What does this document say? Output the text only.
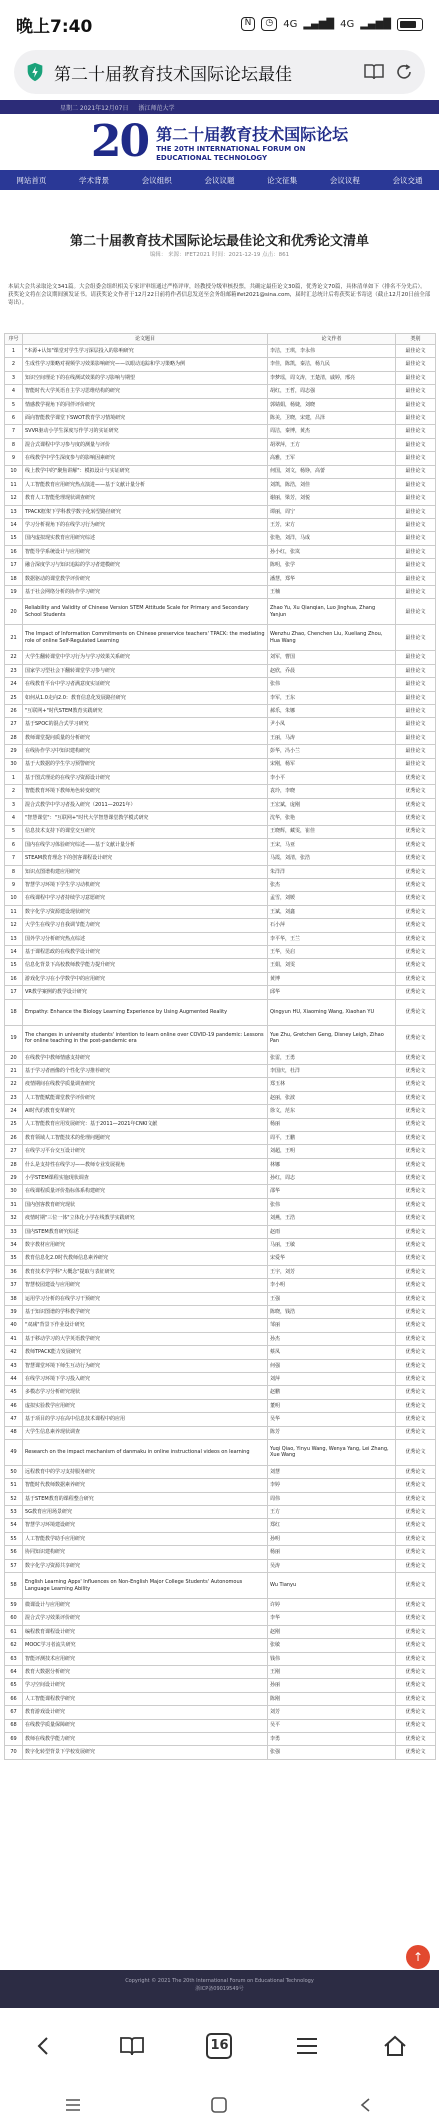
晚上7:40	N	◷	4G ▂▄▆█ 4G ▂▄▆█
第二十届教育技术国际论坛最佳
星期二 2021年12月07日 浙江师范大学
20 第二十届教育技术国际论坛
THE 20TH INTERNATIONAL FORUM ON
EDUCATIONAL TECHNOLOGY
网站首页	学术背景	会议组织	会议议题	论文征集	会议议程	会议交通
第二十届教育技术国际论坛最佳论文和优秀论文清单
编辑： 来源：IFET2021 时间：2021-12-19 点击：861
本届大会共录取论文341篇。大会组委会组织相关专家评审组通过严格评审，经教授分级审核投票，共确定最佳论文30篇，优秀论文70篇，具体清单如下（排名不分先后）。获奖论文将在会议期间颁发证书。请获奖论文作者于12月22日前将作者信息发送至会务组邮箱ifet2021@sina.com，届时汇总统计后将获奖证书寄送（截止12月20日前全部寄出）。
序号	论文题目	论文作者	类别
1	"本源+认知"课堂对学生学习深层投入的影响研究	李洁，王琪，李永伟	最佳论文
2	生成性学习策略对视频学习效果影响研究——以眼动追踪和学习策略为例	李佳，陈凯，秦洁，杨九民	最佳论文
3	知识空间理论下的在线测试效果的学习影响与期望	李梦瑶，周文涛，王楚清，戚婷，邢亮	最佳论文
4	智能时代大学英语自主学习思维结构的研究	胡红，王哲，周志强	最佳论文
5	情感教学视角下的同伴评价研究	郭婧娟，杨婕，刘晓	最佳论文
6	面向智能教学课堂下SWOT教育学习情境研究	陈美，卫晓，宋建，吕泽	最佳论文
7	SVVR驱动小学生深度写作学习的实证研究	周洁，秦博，黄杰	最佳论文
8	混合式课程中学习参与度的测量与评价	胡翠萍，王方	最佳论文
9	在线教学中学生深度参与的影响因素研究	高雅，王军	最佳论文
10	线上教学中的"聚焦讲解"：模拟设计与实证研究	何国，刘文，杨铮，高蕾	最佳论文
11	人工智能教育应用研究热点演进——基于文献计量分析	刘凯，陈浩，刘佳	最佳论文
12	教育人工智能伦理现状调查研究	谢丽，梁芳，刘悦	最佳论文
13	TPACK框架下学科教学数字化转型路径研究	谭丽，周宁	最佳论文
14	学习分析视角下的在线学习行为研究	王芳，宋方	最佳论文
15	国内虚拟现实教育应用研究综述	张艳，刘洋，马成	最佳论文
16	智能导学系统设计与应用研究	孙小红，张岚	最佳论文
17	融合深度学习与知识追踪的学习者建模研究	陈明，张学	最佳论文
18	数据驱动的课堂教学评价研究	潘慧，郑华	最佳论文
19	基于社会网络分析的协作学习研究	王楠	最佳论文
20	Reliability and Validity of Chinese Version STEM Attitude Scale for Primary and Secondary School Students	Zhao Yu, Xu Qianqian, Luo Jinghua, Zhang Yanjun	最佳论文
21	The Impact of Information Commitments on Chinese preservice teachers' TPACK: the mediating role of online Self-Regulated Learning	Wenzhu Zhao, Chenchen Liu, Xueliang Zhou, Hua Wang	最佳论文
22	大学生翻转课堂中学习行为与学习效果关系研究	刘军，曹国	最佳论文
23	国家学习型社会下翻转课堂学习参与研究	赵欣，乔晨	最佳论文
24	在线教育平台中学习者满意度实证研究	张伟	最佳论文
25	如何从1.0走向2.0：教育信息化发展路径研究	李军，王东	最佳论文
26	"互联网+"时代STEM教育实践研究	郝乐，朱娜	最佳论文
27	基于SPOC的混合式学习研究	尹小凤	最佳论文
28	教师课堂提问质量的分析研究	王丽，马涛	最佳论文
29	在线协作学习中知识建构研究	彭华，冯小兰	最佳论文
30	基于大数据的学生学习预警研究	宋刚，杨军	最佳论文
1	基于图式理论的在线学习资源设计研究	李小平	优秀论文
2	智能教育环境下教师角色转变研究	袁玲，李晓	优秀论文
3	混合式教学中学习者投入研究（2011—2021年）	王宏斌，庞刚	优秀论文
4	"智慧课堂"："互联网+"时代大学智慧课堂教学模式研究	沈华，张艳	优秀论文
5	信息技术支持下的课堂交互研究	王晓辉，藏雯，崔佳	优秀论文
6	国内在线学习体验研究综述——基于文献计量分析	王宋，马亚	优秀论文
7	STEAM教育理念下的创客课程设计研究	马霞，刘清，张浩	优秀论文
8	知识点图谱构建应用研究	朱洋洋	优秀论文
9	智慧学习环境下学生学习动机研究	张杰	优秀论文
10	在线课程中学习者持续学习意愿研究	孟雪，刘媛	优秀论文
11	数字化学习资源建设现状研究	王斌，刘鑫	优秀论文
12	大学生在线学习自我调节能力研究	石小萍	优秀论文
13	国外学习分析研究热点综述	李平华，王兰	优秀论文
14	基于课程思政的在线教学设计研究	王华，吴启	优秀论文
15	信息化背景下高校教师教学能力提升研究	王娟，刘雯	优秀论文
16	游戏化学习在小学数学中的应用研究	黄博	优秀论文
17	VR教学案例的教学设计研究	邱华	优秀论文
18	Empathy: Enhance the Biology Learning Experience by Using Augmented Reality	Qingyun HU, Xiaoming Wang, Xiaohan YU	优秀论文
19	The changes in university students' intention to learn online over COVID-19 pandemic: Lessons for online teaching in the post-pandemic era	Yue Zhu, Gretchen Geng, Disney Leigh, Zihao Pan	优秀论文
20	在线教学中教师情感支持研究	张雷，王勇	优秀论文
21	基于学习者画像的个性化学习推荐研究	李国庆，杜洋	优秀论文
22	疫情期间在线教学质量调查研究	郑玉林	优秀论文
23	人工智能赋能课堂教学评价研究	赵丽，张波	优秀论文
24	AI时代的教育变革研究	徐文，范东	优秀论文
25	人工智能教育应用发展研究：基于2011—2021年CNKI文献	杨丽	优秀论文
26	教育领域人工智能技术的伦理问题研究	周平，王鹏	优秀论文
27	在线学习平台交互设计研究	刘超，王明	优秀论文
28	什么是支持性在线学习——教师专业发展视角	林娜	优秀论文
29	小学STEM课程实施现状调查	孙红，周志	优秀论文
30	在线课程质量评价指标体系构建研究	邵华	优秀论文
31	国内创客教育研究现状	张伟	优秀论文
32	疫情时期"三位一体"立体化小学在线教学实践研究	刘燕，王浩	优秀论文
33	国内STEM教育研究综述	赵雨	优秀论文
34	数字教材应用研究	马丽，王敏	优秀论文
35	教育信息化2.0时代教师信息素养研究	宋爱华	优秀论文
36	教育技术学学科"大概念"提取与表征研究	王宇，刘芳	优秀论文
37	智慧校园建设与应用研究	李小明	优秀论文
38	运用学习分析的在线学习干预研究	王强	优秀论文
39	基于知识图谱的学科教学研究	陈晓，钱浩	优秀论文
40	"双减"背景下作业设计研究	邹丽	优秀论文
41	基于移动学习的大学英语教学研究	孙杰	优秀论文
42	教师TPACK能力发展研究	蔡凤	优秀论文
43	智慧课堂环境下师生互动行为研究	何强	优秀论文
44	在线学习环境下学习投入研究	刘萍	优秀论文
45	多模态学习分析研究现状	赵鹏	优秀论文
46	虚拟实验教学应用研究	董明	优秀论文
47	基于项目的学习在高中信息技术课程中的应用	吴华	优秀论文
48	大学生信息素养现状调查	陈芳	优秀论文
49	Research on the impact mechanism of danmaku in online instructional videos on learning	Yuqi Qiao, Yinyu Wang, Wenya Yang, Lei Zhang, Xue Wang	优秀论文
50	远程教育中的学习支持服务研究	刘慧	优秀论文
51	智能时代教师数据素养研究	李婷	优秀论文
52	基于STEM教育的课程整合研究	周伟	优秀论文
53	5G教育应用场景研究	王方	优秀论文
54	智慧学习环境建设研究	郑红	优秀论文
55	人工智能教学助手应用研究	孙明	优秀论文
56	协同知识建构研究	杨丽	优秀论文
57	数字化学习资源共享研究	吴涛	优秀论文
58	English Learning Apps' Influences on Non-English Major College Students' Autonomous Language Learning Ability	Wu Tianyu	优秀论文
59	微课设计与应用研究	许婷	优秀论文
60	混合式学习效果评价研究	李华	优秀论文
61	编程教育课程设计研究	赵刚	优秀论文
62	MOOC学习者流失研究	张敏	优秀论文
63	智能评测技术应用研究	钱伟	优秀论文
64	教育大数据分析研究	王刚	优秀论文
65	学习空间设计研究	孙丽	优秀论文
66	人工智能课程教学研究	陈刚	优秀论文
67	教育游戏设计研究	刘芳	优秀论文
68	在线教学质量保障研究	吴平	优秀论文
69	教师在线教学能力研究	李勇	优秀论文
70	数字化转型背景下学校发展研究	张强	优秀论文
↑
Copyright © 2021 The 20th International Forum on Educational Technology
浙ICP备09019549号
16
